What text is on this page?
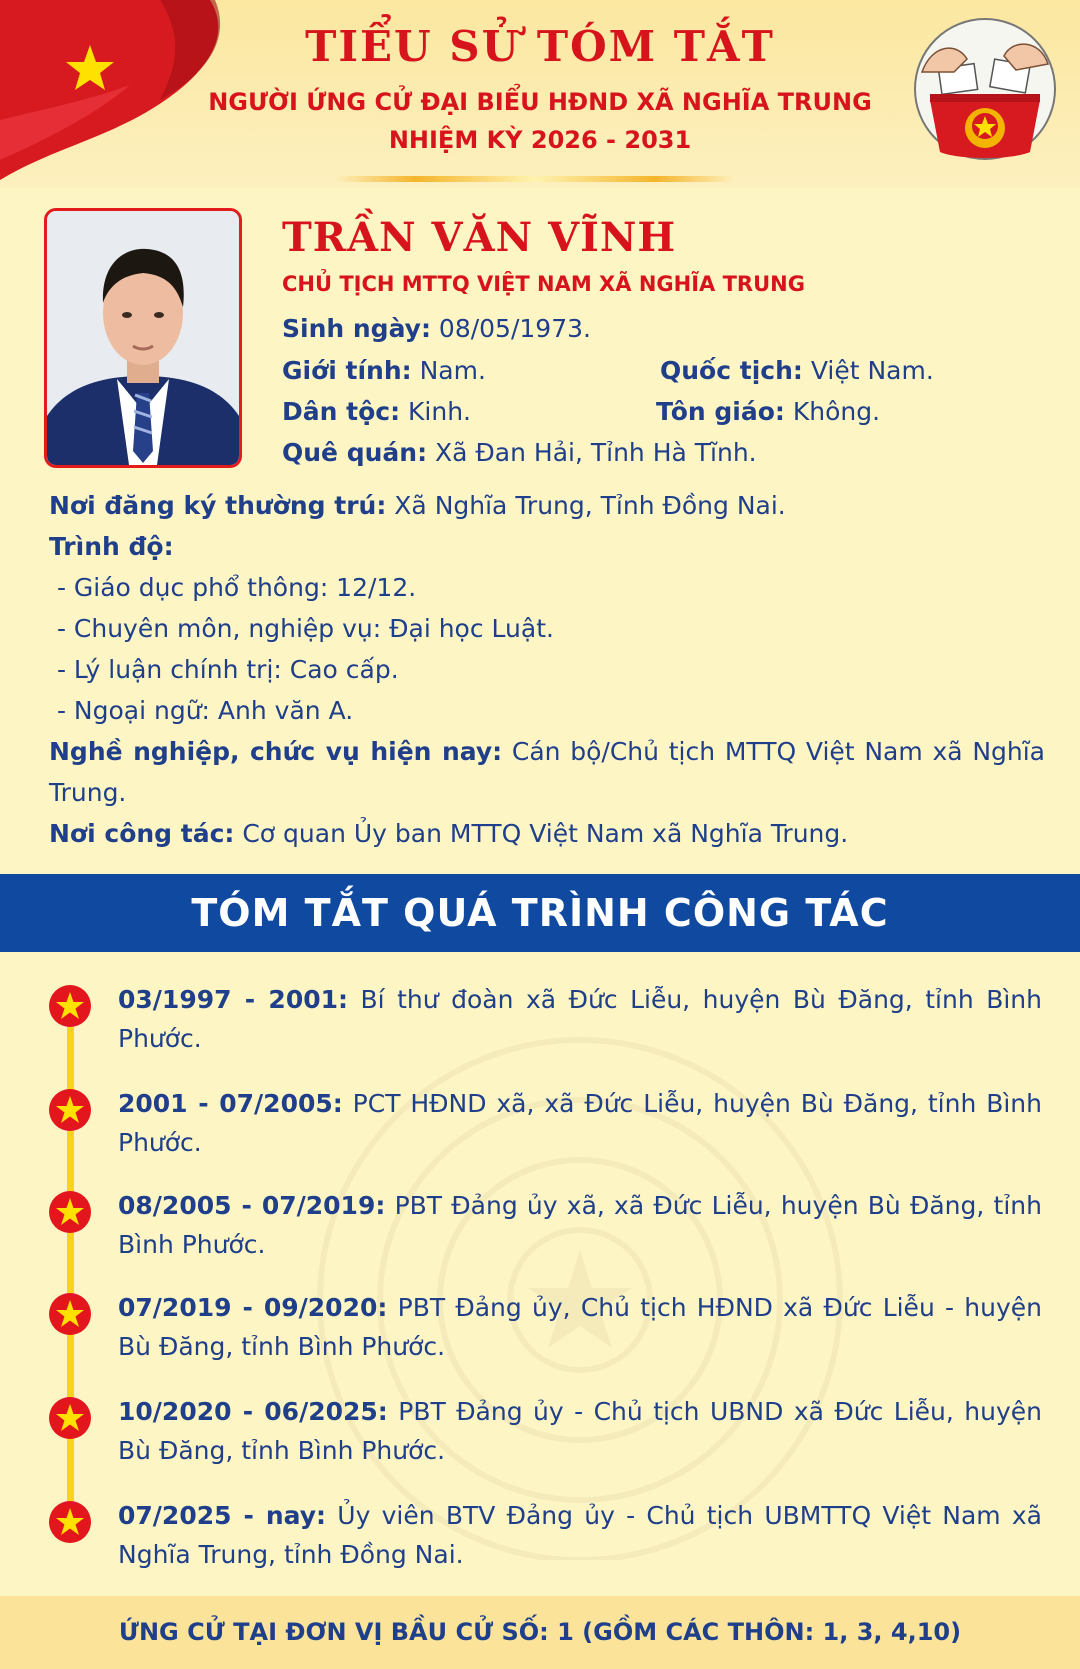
TIỂU SỬ TÓM TẮT
NGƯỜI ỨNG CỬ ĐẠI BIỂU HĐND XÃ NGHĨA TRUNG
NHIỆM KỲ 2026 - 2031
TRẦN VĂN VĨNH
CHỦ TỊCH MTTQ VIỆT NAM XÃ NGHĨA TRUNG
Sinh ngày: 08/05/1973.
Giới tính: Nam.	Quốc tịch: Việt Nam.
Dân tộc: Kinh.	Tôn giáo: Không.
Quê quán: Xã Đan Hải, Tỉnh Hà Tĩnh.
Nơi đăng ký thường trú: Xã Nghĩa Trung, Tỉnh Đồng Nai.
Trình độ:
- Giáo dục phổ thông: 12/12.
- Chuyên môn, nghiệp vụ: Đại học Luật.
- Lý luận chính trị: Cao cấp.
- Ngoại ngữ: Anh văn A.
Nghề nghiệp, chức vụ hiện nay: Cán bộ/Chủ tịch MTTQ Việt Nam xã Nghĩa Trung.
Nơi công tác: Cơ quan Ủy ban MTTQ Việt Nam xã Nghĩa Trung.
TÓM TẮT QUÁ TRÌNH CÔNG TÁC
03/1997 - 2001: Bí thư đoàn xã Đức Liễu, huyện Bù Đăng, tỉnh Bình Phước.
2001 - 07/2005: PCT HĐND xã, xã Đức Liễu, huyện Bù Đăng, tỉnh Bình Phước.
08/2005 - 07/2019: PBT Đảng ủy xã, xã Đức Liễu, huyện Bù Đăng, tỉnh Bình Phước.
07/2019 - 09/2020: PBT Đảng ủy, Chủ tịch HĐND xã Đức Liễu - huyện Bù Đăng, tỉnh Bình Phước.
10/2020 - 06/2025: PBT Đảng ủy - Chủ tịch UBND xã Đức Liễu, huyện Bù Đăng, tỉnh Bình Phước.
07/2025 - nay: Ủy viên BTV Đảng ủy - Chủ tịch UBMTTQ Việt Nam xã Nghĩa Trung, tỉnh Đồng Nai.
ỨNG CỬ TẠI ĐƠN VỊ BẦU CỬ SỐ: 1 (GỒM CÁC THÔN: 1, 3, 4,10)
